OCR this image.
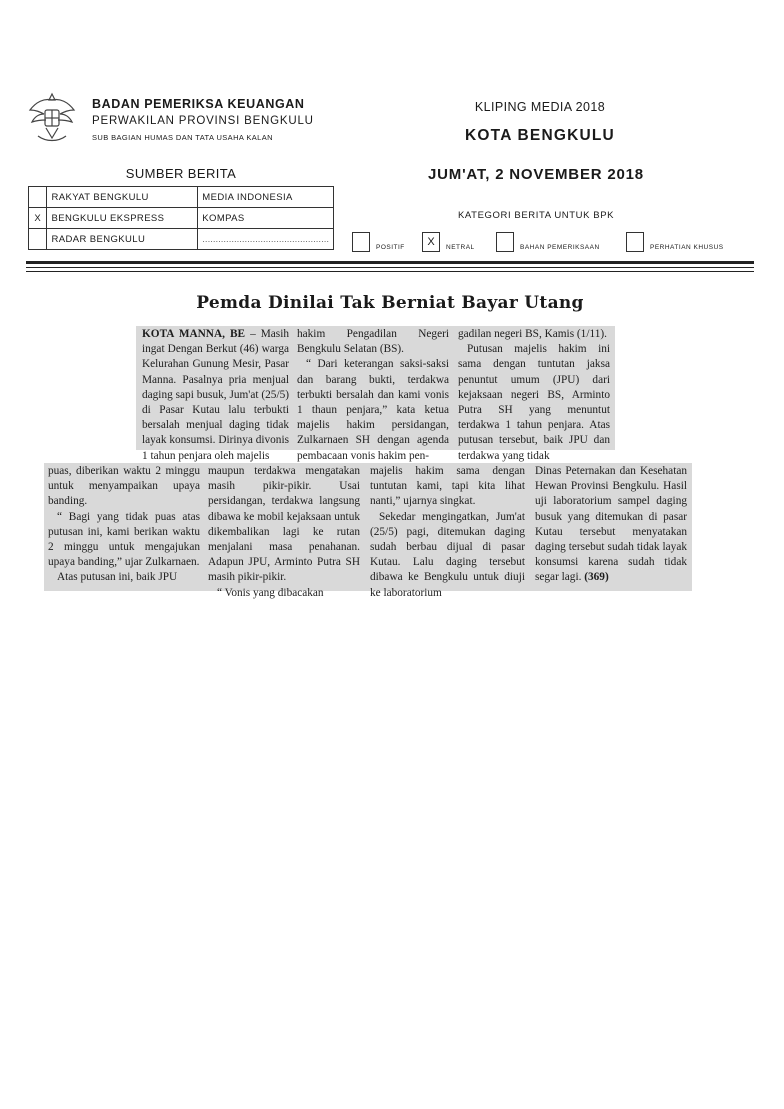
BADAN PEMERIKSA KEUANGAN
PERWAKILAN PROVINSI BENGKULU
SUB BAGIAN HUMAS DAN TATA USAHA KALAN
KLIPING MEDIA 2018
KOTA BENGKULU
SUMBER BERITA	JUM'AT, 2 NOVEMBER 2018
	RAKYAT BENGKULU	MEDIA INDONESIA
X	BENGKULU EKSPRESS	KOMPAS
	RADAR BENGKULU	................................................
KATEGORI BERITA UNTUK BPK
POSITIF	X	NETRAL	BAHAN PEMERIKSAAN	PERHATIAN KHUSUS
Pemda Dinilai Tak Berniat Bayar Utang

KOTA MANNA, BE – Masih ingat Dengan Berkut (46) warga Kelurahan Gunung Mesir, Pasar Manna. Pasalnya pria menjual daging sapi busuk, Jum'at (25/5) di Pasar Kutau lalu terbukti bersalah menjual daging tidak layak konsumsi. Dirinya divonis 1 tahun penjara oleh majelis

hakim Pengadilan Negeri Bengkulu Selatan (BS).

“ Dari keterangan saksi-saksi dan barang bukti, terdakwa terbukti bersalah dan kami vonis 1 thaun penjara,” kata ketua majelis hakim persidangan, Zulkarnaen SH dengan agenda pembacaan vonis hakim pen-

gadilan negeri BS, Kamis (1/11).

Putusan majelis hakim ini sama dengan tuntutan jaksa penuntut umum (JPU) dari kejaksaan negeri BS, Arminto Putra SH yang menuntut terdakwa 1 tahun penjara. Atas putusan tersebut, baik JPU dan terdakwa yang tidak

puas, diberikan waktu 2 minggu untuk menyampaikan upaya banding.

“ Bagi yang tidak puas atas putusan ini, kami berikan waktu 2 minggu untuk mengajukan upaya banding,” ujar Zulkarnaen.

Atas putusan ini, baik JPU

maupun terdakwa mengatakan masih pikir-pikir. Usai persidangan, terdakwa langsung dibawa ke mobil kejaksaan untuk dikembalikan lagi ke rutan menjalani masa penahanan. Adapun JPU, Arminto Putra SH masih pikir-pikir.

“ Vonis yang dibacakan

majelis hakim sama dengan tuntutan kami, tapi kita lihat nanti,” ujarnya singkat.

Sekedar mengingatkan, Jum'at (25/5) pagi, ditemukan daging sudah berbau dijual di pasar Kutau. Lalu daging tersebut dibawa ke Bengkulu untuk diuji ke laboratorium

Dinas Peternakan dan Kesehatan Hewan Provinsi Bengkulu. Hasil uji laboratorium sampel daging busuk yang ditemukan di pasar Kutau tersebut menyatakan daging tersebut sudah tidak layak konsumsi karena sudah tidak segar lagi. (369)
